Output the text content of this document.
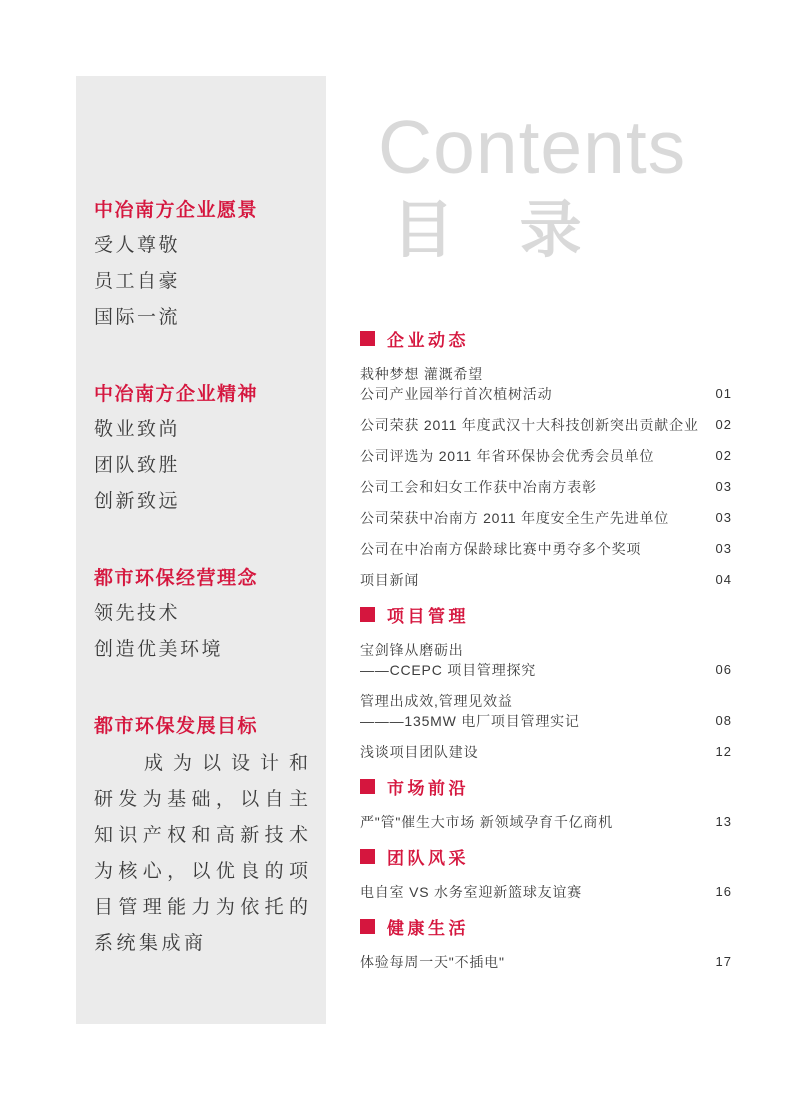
中冶南方企业愿景
受人尊敬
员工自豪
国际一流
中冶南方企业精神
敬业致尚
团队致胜
创新致远
都市环保经营理念
领先技术
创造优美环境
都市环保发展目标
成为以设计和
研发为基础，以自主
知识产权和高新技术
为核心，以优良的项
目管理能力为依托的
系统集成商
Contents
目 录
企业动态
栽种梦想 灌溉希望
公司产业园举行首次植树活动	01
公司荣获 2011 年度武汉十大科技创新突出贡献企业	02
公司评选为 2011 年省环保协会优秀会员单位	02
公司工会和妇女工作获中冶南方表彰	03
公司荣获中冶南方 2011 年度安全生产先进单位	03
公司在中冶南方保龄球比赛中勇夺多个奖项	03
项目新闻	04
项目管理
宝剑锋从磨砺出
——CCEPC 项目管理探究	06
管理出成效,管理见效益
———135MW 电厂项目管理实记	08
浅谈项目团队建设	12
市场前沿
严"管"催生大市场 新领域孕育千亿商机	13
团队风采
电自室 VS 水务室迎新篮球友谊赛	16
健康生活
体验每周一天"不插电"	17
